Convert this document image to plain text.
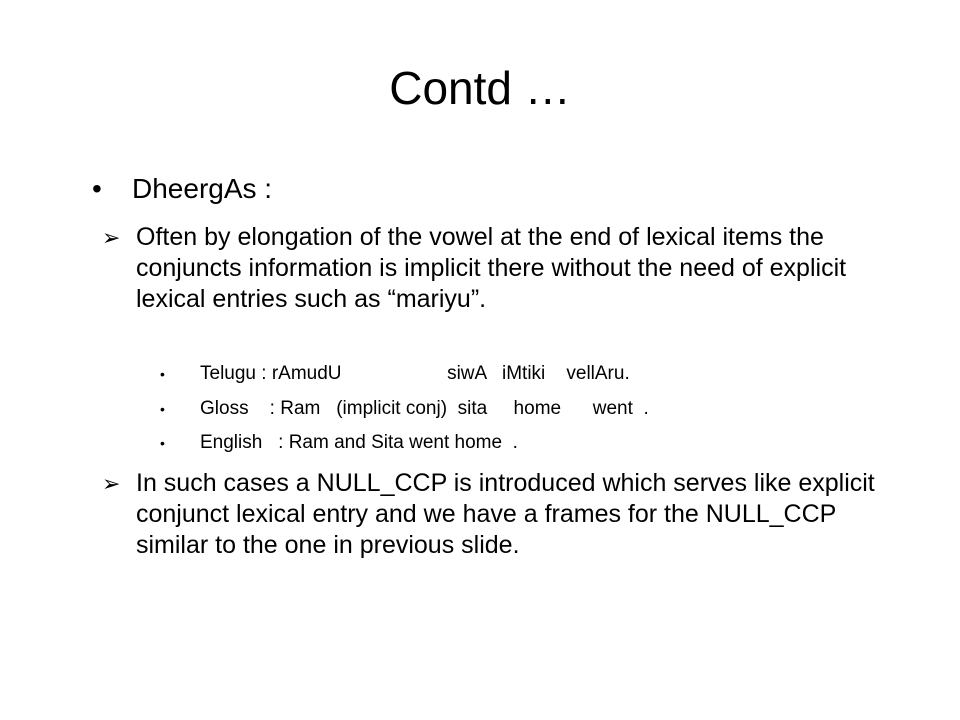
Contd …
• DheergAs :
➢ Often by elongation of the vowel at the end of lexical items the conjuncts information is implicit there without the need of explicit lexical entries such as “mariyu”.
• Telugu : rAmudU                    siwA   iMtiki    vellAru.
• Gloss    : Ram   (implicit conj)  sita     home      went  .
• English   : Ram and Sita went home  .
➢ In such cases a NULL_CCP is introduced which serves like explicit conjunct lexical entry and we have a frames for the NULL_CCP similar to the one in previous slide.
